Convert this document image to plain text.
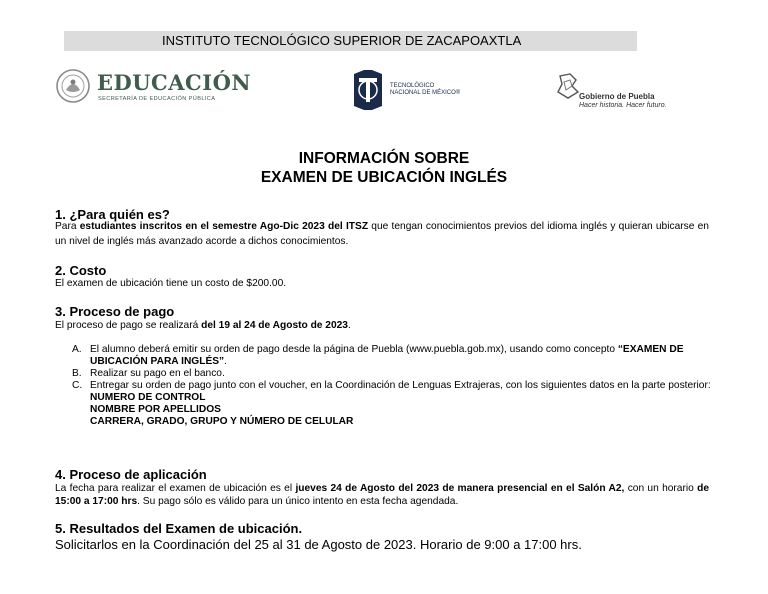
INSTITUTO TECNOLÓGICO SUPERIOR DE ZACAPOAXTLA
EDUCACIÓN
SECRETARÍA DE EDUCACIÓN PÚBLICA
TECNOLÓGICO
NACIONAL DE MÉXICO®	Gobierno de Puebla
Hacer historia. Hacer futuro.
INFORMACIÓN SOBRE
EXAMEN DE UBICACIÓN INGLÉS
1. ¿Para quién es?
Para estudiantes inscritos en el semestre Ago-Dic 2023 del ITSZ que tengan conocimientos previos del idioma inglés y quieran ubicarse en un nivel de inglés más avanzado acorde a dichos conocimientos.
2. Costo
El examen de ubicación tiene un costo de $200.00.
3. Proceso de pago
El proceso de pago se realizará del 19 al 24 de Agosto de 2023.
A. El alumno deberá emitir su orden de pago desde la página de Puebla (www.puebla.gob.mx), usando como concepto “EXAMEN DE UBICACIÓN PARA INGLÉS”.
B. Realizar su pago en el banco.
C. Entregar su orden de pago junto con el voucher, en la Coordinación de Lenguas Extrajeras, con los siguientes datos en la parte posterior:
NUMERO DE CONTROL
NOMBRE POR APELLIDOS
CARRERA, GRADO, GRUPO Y NÚMERO DE CELULAR
4. Proceso de aplicación
La fecha para realizar el examen de ubicación es el jueves 24 de Agosto del 2023 de manera presencial en el Salón A2, con un horario de 15:00 a 17:00 hrs. Su pago sólo es válido para un único intento en esta fecha agendada.
5. Resultados del Examen de ubicación.
Solicitarlos en la Coordinación del 25 al 31 de Agosto de 2023. Horario de 9:00 a 17:00 hrs.
